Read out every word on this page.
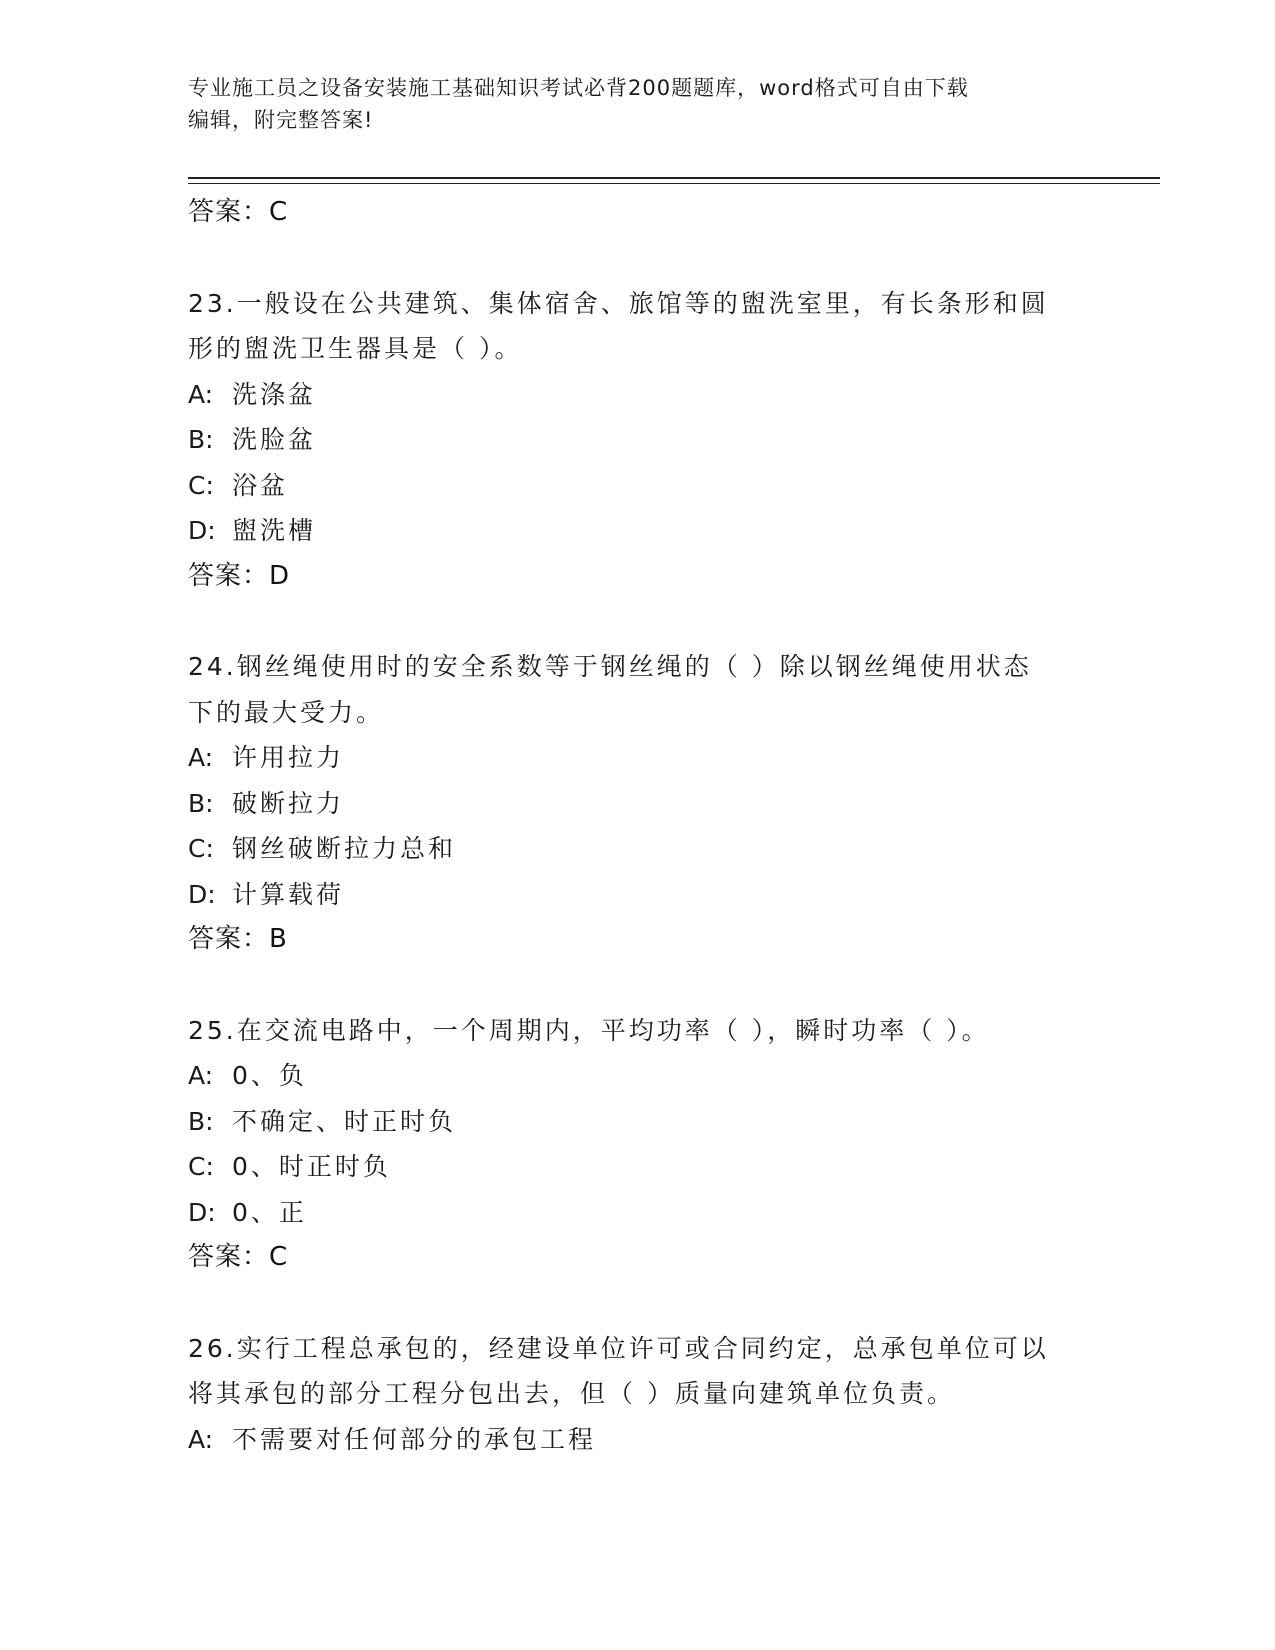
专业施工员之设备安装施工基础知识考试必背200题题库，word格式可自由下载
编辑，附完整答案!
答案：C
23.一般设在公共建筑、集体宿舍、旅馆等的盥洗室里，有长条形和圆
形的盥洗卫生器具是（ ）。
A: 洗涤盆
B: 洗脸盆
C: 浴盆
D: 盥洗槽
答案：D
24.钢丝绳使用时的安全系数等于钢丝绳的（ ）除以钢丝绳使用状态
下的最大受力。
A: 许用拉力
B: 破断拉力
C: 钢丝破断拉力总和
D: 计算载荷
答案：B
25.在交流电路中，一个周期内，平均功率（ ），瞬时功率（ ）。
A: 0、负
B: 不确定、时正时负
C: 0、时正时负
D: 0、正
答案：C
26.实行工程总承包的，经建设单位许可或合同约定，总承包单位可以
将其承包的部分工程分包出去，但（ ）质量向建筑单位负责。
A: 不需要对任何部分的承包工程
